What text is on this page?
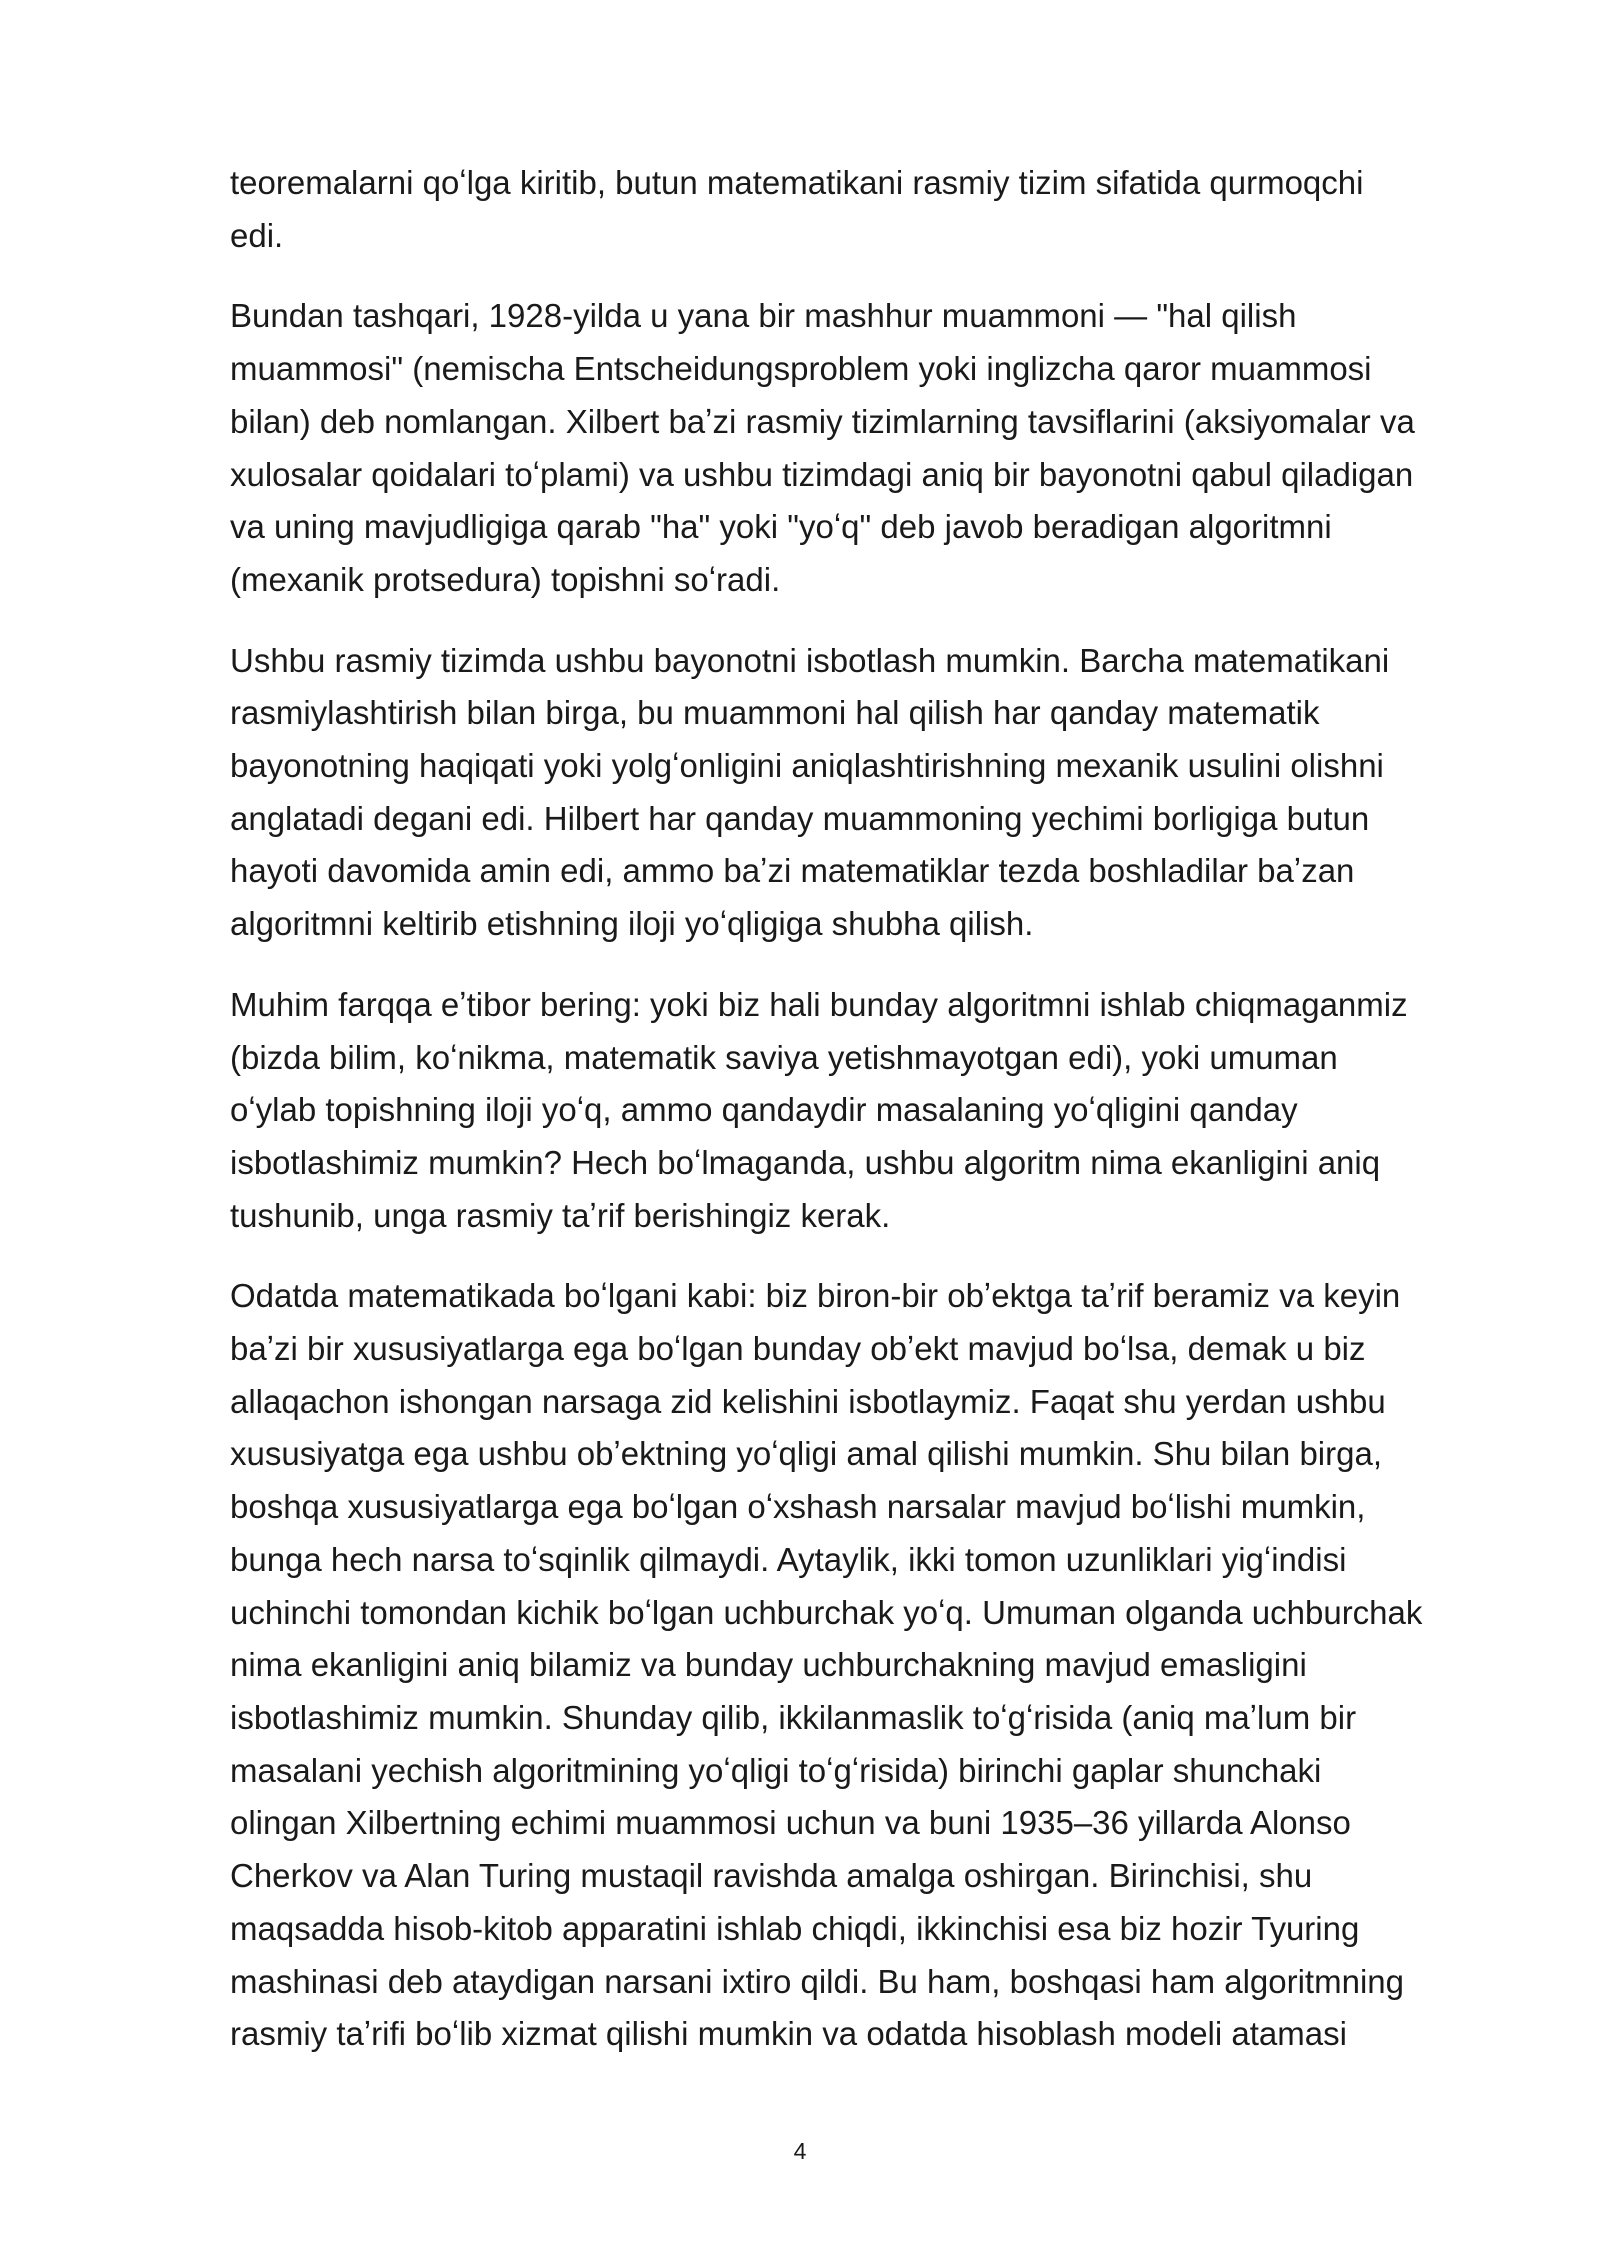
teoremalarni qoʻlga kiritib, butun matematikani rasmiy tizim sifatida qurmoqchi
edi.
Bundan tashqari, 1928-yilda u yana bir mashhur muammoni — "hal qilish
muammosi" (nemischa Entscheidungsproblem yoki inglizcha qaror muammosi
bilan) deb nomlangan. Xilbert baʼzi rasmiy tizimlarning tavsiflarini (aksiyomalar va
xulosalar qoidalari toʻplami) va ushbu tizimdagi aniq bir bayonotni qabul qiladigan
va uning mavjudligiga qarab "ha" yoki "yoʻq" deb javob beradigan algoritmni
(mexanik protsedura) topishni soʻradi.
Ushbu rasmiy tizimda ushbu bayonotni isbotlash mumkin. Barcha matematikani
rasmiylashtirish bilan birga, bu muammoni hal qilish har qanday matematik
bayonotning haqiqati yoki yolgʻonligini aniqlashtirishning mexanik usulini olishni
anglatadi degani edi. Hilbert har qanday muammoning yechimi borligiga butun
hayoti davomida amin edi, ammo baʼzi matematiklar tezda boshladilar baʼzan
algoritmni keltirib etishning iloji yoʻqligiga shubha qilish.
Muhim farqqa eʼtibor bering: yoki biz hali bunday algoritmni ishlab chiqmaganmiz
(bizda bilim, koʻnikma, matematik saviya yetishmayotgan edi), yoki umuman
oʻylab topishning iloji yoʻq, ammo qandaydir masalaning yoʻqligini qanday
isbotlashimiz mumkin? Hech boʻlmaganda, ushbu algoritm nima ekanligini aniq
tushunib, unga rasmiy taʼrif berishingiz kerak.
Odatda matematikada boʻlgani kabi: biz biron-bir obʼektga taʼrif beramiz va keyin
baʼzi bir xususiyatlarga ega boʻlgan bunday obʼekt mavjud boʻlsa, demak u biz
allaqachon ishongan narsaga zid kelishini isbotlaymiz. Faqat shu yerdan ushbu
xususiyatga ega ushbu obʼektning yoʻqligi amal qilishi mumkin. Shu bilan birga,
boshqa xususiyatlarga ega boʻlgan oʻxshash narsalar mavjud boʻlishi mumkin,
bunga hech narsa toʻsqinlik qilmaydi. Aytaylik, ikki tomon uzunliklari yigʻindisi
uchinchi tomondan kichik boʻlgan uchburchak yoʻq. Umuman olganda uchburchak
nima ekanligini aniq bilamiz va bunday uchburchakning mavjud emasligini
isbotlashimiz mumkin. Shunday qilib, ikkilanmaslik toʻgʻrisida (aniq maʼlum bir
masalani yechish algoritmining yoʻqligi toʻgʻrisida) birinchi gaplar shunchaki
olingan Xilbertning echimi muammosi uchun va buni 1935–36 yillarda Alonso
Cherkov va Alan Turing mustaqil ravishda amalga oshirgan. Birinchisi, shu
maqsadda hisob-kitob apparatini ishlab chiqdi, ikkinchisi esa biz hozir Tyuring
mashinasi deb ataydigan narsani ixtiro qildi. Bu ham, boshqasi ham algoritmning
rasmiy taʼrifi boʻlib xizmat qilishi mumkin va odatda hisoblash modeli atamasi
4
